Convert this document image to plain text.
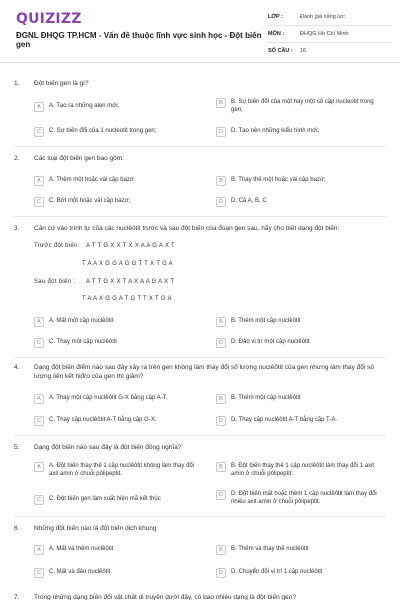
QUIZIZZ
ĐGNL ĐHQG TP.HCM - Vấn đề thuộc lĩnh vực sinh học - Đột biến gen
LỚP :	Đánh giá năng lực
MÔN :	ĐHQG Hồ Chí Minh
SỐ CÂU :	16
1. Đột biến gen là gì?
A	A. Tạo ra những alen mới;	B	B. Sự biến đổi của một hay một số cặp nucleotit trong gen;
C	C. Sự biến đổi của 1 nucleotit trong gen;	D	D. Tạo nên những kiểu hình mới;
2. Các loại đột biến gen bao gồm:
A	A. Thêm một hoặc vài cặp bazơ	B	B. Thay thế một hoặc vài cặp bazơ;
C	C. Bớt một hoặc vài cặp bazơ;	D	D. Cả A, B, C
3. Căn cứ vào trình tự của các nuclêôtit trước và sau đột biến của đoạn gen sau, hãy cho biết dạng đột biến:
Trước đột biến: A T T G X X T X X A A G A X T
T A A X G G A G G T T X T G A
Sau đột biến : A T T G X X T A X A A G A X T
T A A X G G A T G T T X T G A
A	A. Mất một cặp nuclêôtit	B	B. Thêm một cặp nuclêôtit
C	C. Thay một cặp nuclêôtit	D	D. Đảo vị trí một cặp nuclêôtit
4. Dạng đột biến điểm nào sau đây xảy ra trên gen không làm thay đổi số lượng nuclêôtit của gen nhưng làm thay đổi số lượng liên kết hiđro của gen thì giảm?
A	A. Thay một cặp nuclêôtit G-X bằng cặp A-T.	B	B. Thêm một cặp nuclêôtit
C	C. Thay cặp nuclêôtit A-T bằng cặp G-X.	D	D. Thay cặp nuclêôtit A-T bằng cặp T-A.
5. Dạng đột biến nào sau đây là đột biến đồng nghĩa?
A	A. Đột biến thay thế 1 cặp nuclêôtit không làm thay đổi axit amin ở chuỗi pôlipeptit.
B	B. Đột biến thay thế 1 cặp nuclêôtit làm thay đổi 1 axit amin ở chuỗi pôlipeptit.
C	C. Đột biến gen làm xuất hiện mã kết thúc
D	D. Đột biến mất hoặc thêm 1 cặp nuclêôtit làm thay đổi nhiều axit amin ở chuỗi pôlipeptit.
6. Những đột biến nào là đột biến dịch khung
A	A. Mất và thêm nuclêôtit	B	B. Thêm và thay thế nuclêôtit
C	C. Mất và đảo nuclêôtit	D	D. Chuyển đổi vị trí 1 cặp nuclêôtit
7. Trong những dạng biến đổi vật chất di truyền dưới đây, có bao nhiêu dạng là đột biến gen?
